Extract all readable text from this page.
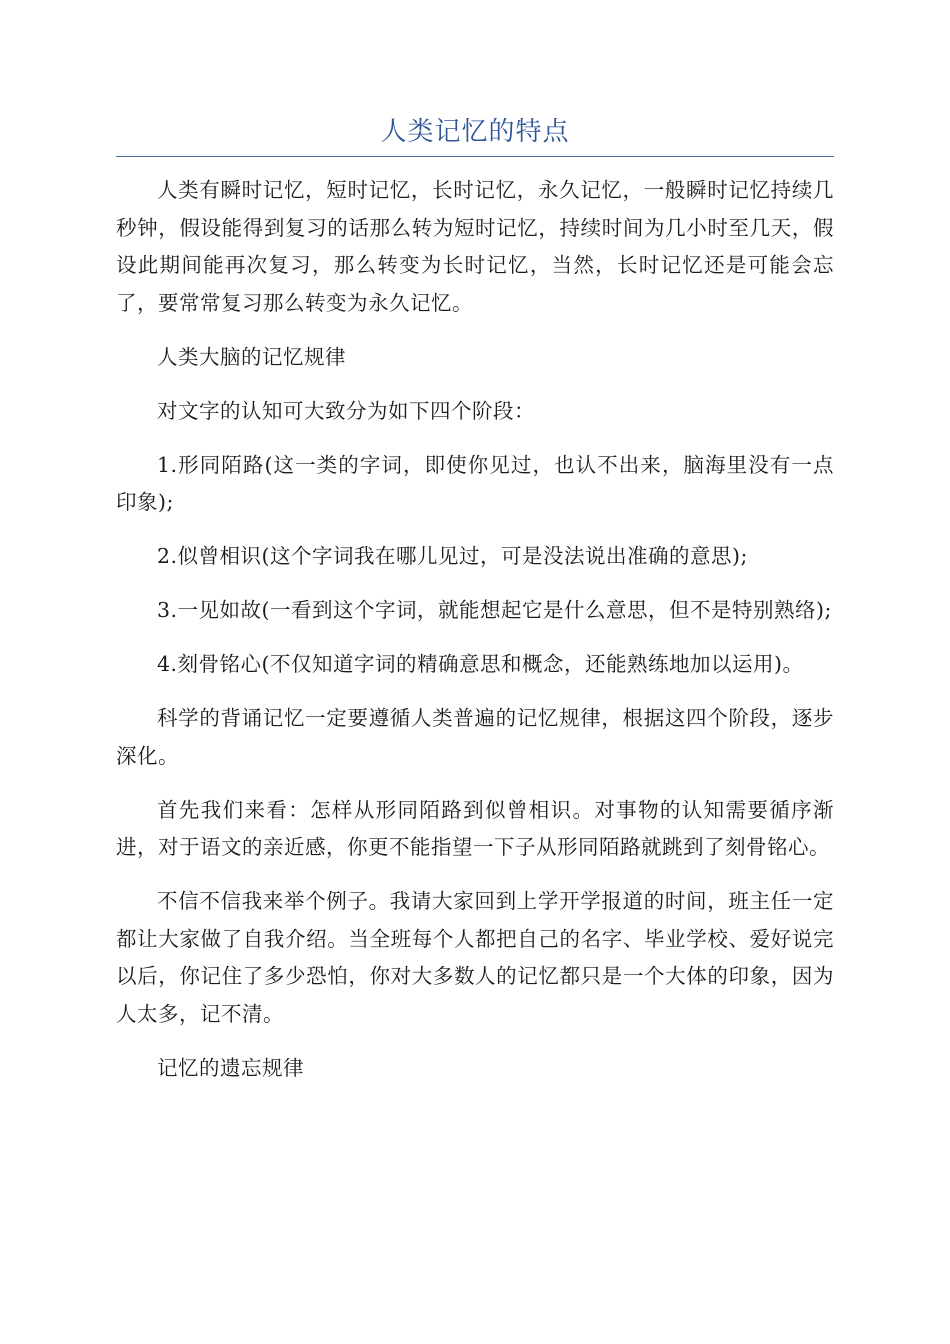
人类记忆的特点

人类有瞬时记忆，短时记忆，长时记忆，永久记忆，一般瞬时记忆持续几秒钟，假设能得到复习的话那么转为短时记忆，持续时间为几小时至几天，假设此期间能再次复习，那么转变为长时记忆，当然，长时记忆还是可能会忘了，要常常复习那么转变为永久记忆。

人类大脑的记忆规律

对文字的认知可大致分为如下四个阶段：

1.形同陌路(这一类的字词，即使你见过，也认不出来，脑海里没有一点印象);

2.似曾相识(这个字词我在哪儿见过，可是没法说出准确的意思);

3.一见如故(一看到这个字词，就能想起它是什么意思，但不是特别熟络);

4.刻骨铭心(不仅知道字词的精确意思和概念，还能熟练地加以运用)。

科学的背诵记忆一定要遵循人类普遍的记忆规律，根据这四个阶段，逐步深化。

首先我们来看：怎样从形同陌路到似曾相识。对事物的认知需要循序渐进，对于语文的亲近感，你更不能指望一下子从形同陌路就跳到了刻骨铭心。

不信不信我来举个例子。我请大家回到上学开学报道的时间，班主任一定都让大家做了自我介绍。当全班每个人都把自己的名字、毕业学校、爱好说完以后，你记住了多少恐怕，你对大多数人的记忆都只是一个大体的印象，因为人太多，记不清。

记忆的遗忘规律
